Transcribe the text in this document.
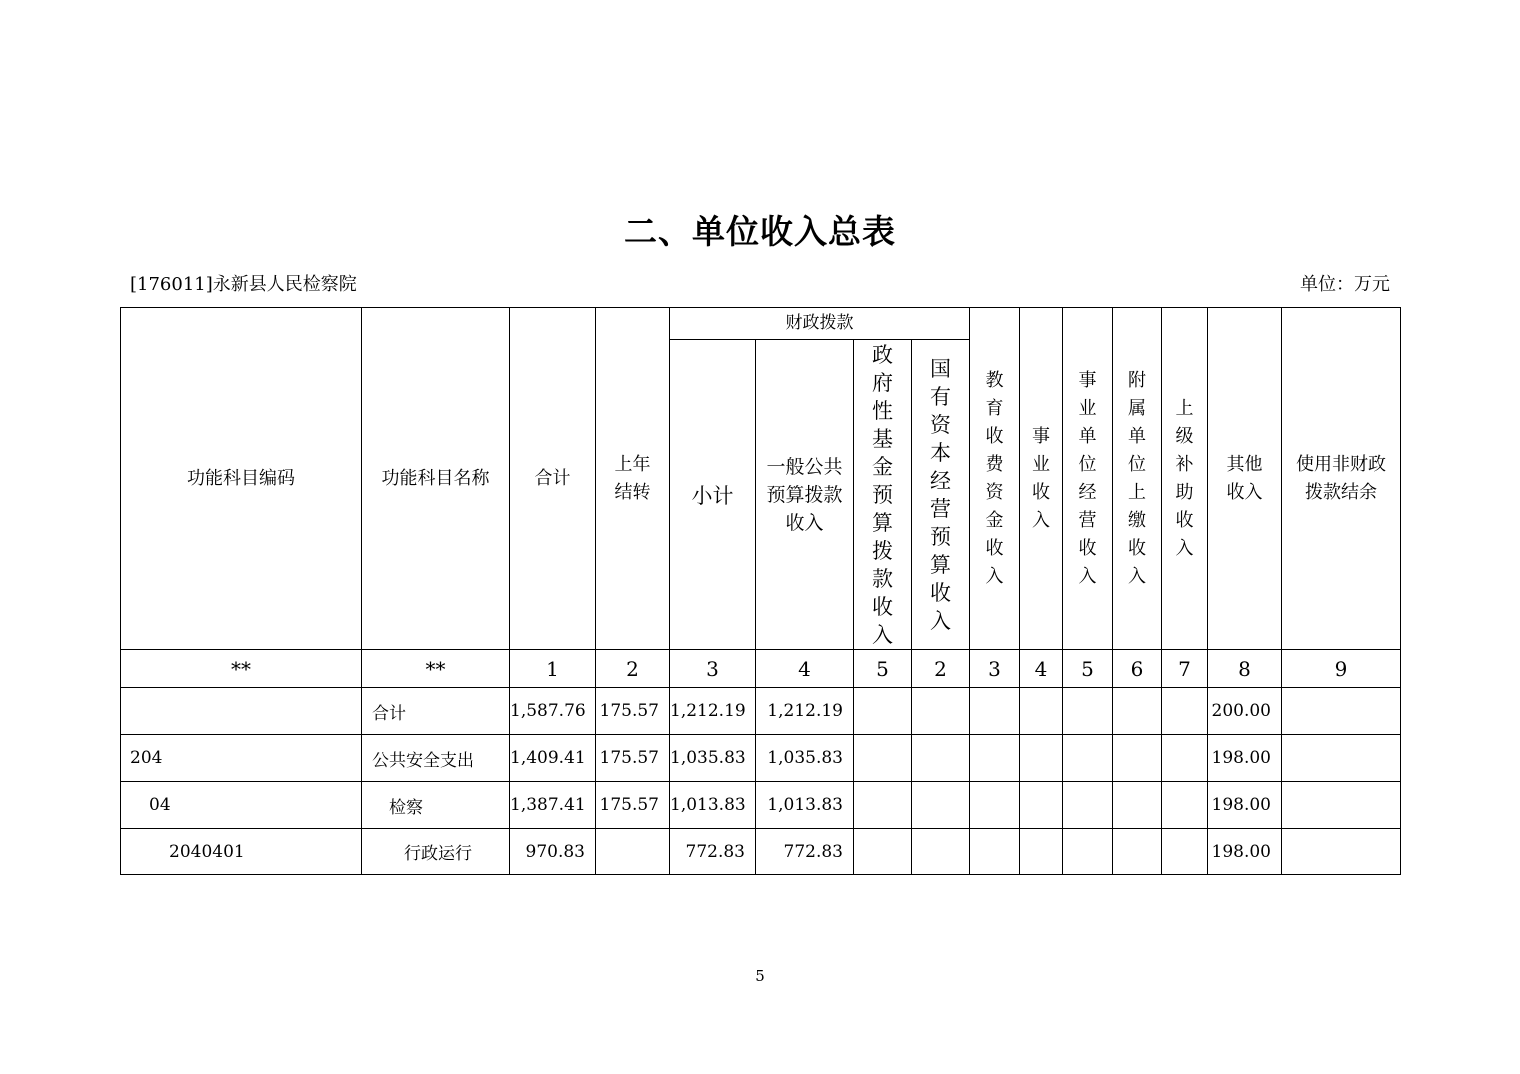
二、单位收入总表
[176011]永新县人民检察院	单位：万元
功能科目编码	功能科目名称	合计	上年结转	财政拨款				教育收费资金收入	事业收入	事业单位经营收入	附属单位上缴收入	上级补助收入	其他收入	使用非财政拨款结余
				小计	一般公共预算拨款收入	政府性基金预算拨款收入	国有资本经营预算收入							
**	**	1	2	3	4	5	2	3	4	5	6	7	8	9
	合计	1,587.76	175.57	1,212.19	1,212.19								200.00	
204	公共安全支出	1,409.41	175.57	1,035.83	1,035.83								198.00	
04	检察	1,387.41	175.57	1,013.83	1,013.83								198.00	
2040401	行政运行	970.83		772.83	772.83								198.00	
5
